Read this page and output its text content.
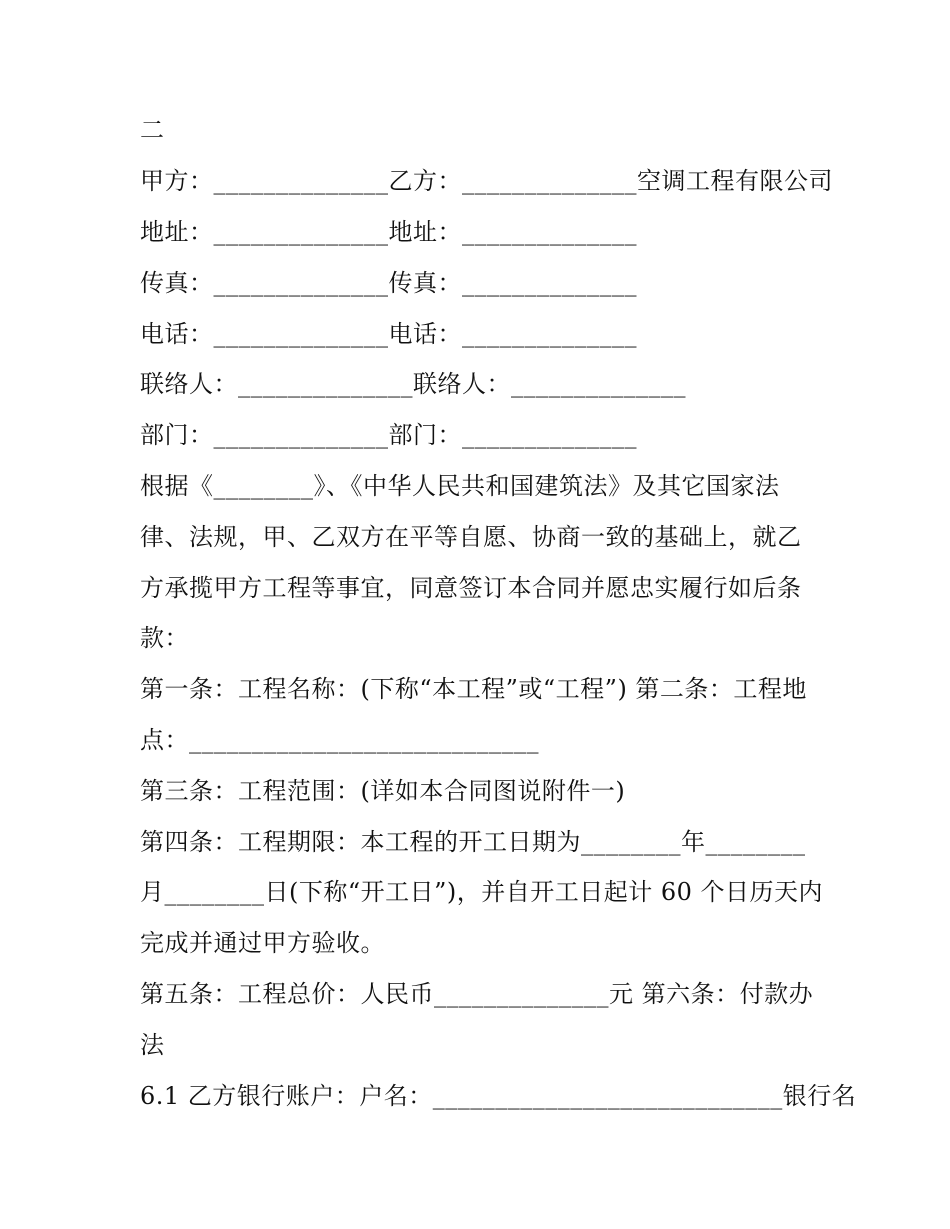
二
甲方：______________乙方：______________空调工程有限公司
地址：______________地址：______________
传真：______________传真：______________
电话：______________电话：______________
联络人：______________联络人：______________
部门：______________部门：______________
根据《________》、《中华人民共和国建筑法》及其它国家法
律、法规，甲、乙双方在平等自愿、协商一致的基础上，就乙
方承揽甲方工程等事宜，同意签订本合同并愿忠实履行如后条
款：
第一条：工程名称：(下称“本工程”或“工程”) 第二条：工程地
点：____________________________
第三条：工程范围：(详如本合同图说附件一)
第四条：工程期限：本工程的开工日期为________年________
月________日(下称“开工日”)，并自开工日起计 60 个日历天内
完成并通过甲方验收。
第五条：工程总价：人民币______________元 第六条：付款办
法
6.1 乙方银行账户：户名：____________________________银行名
